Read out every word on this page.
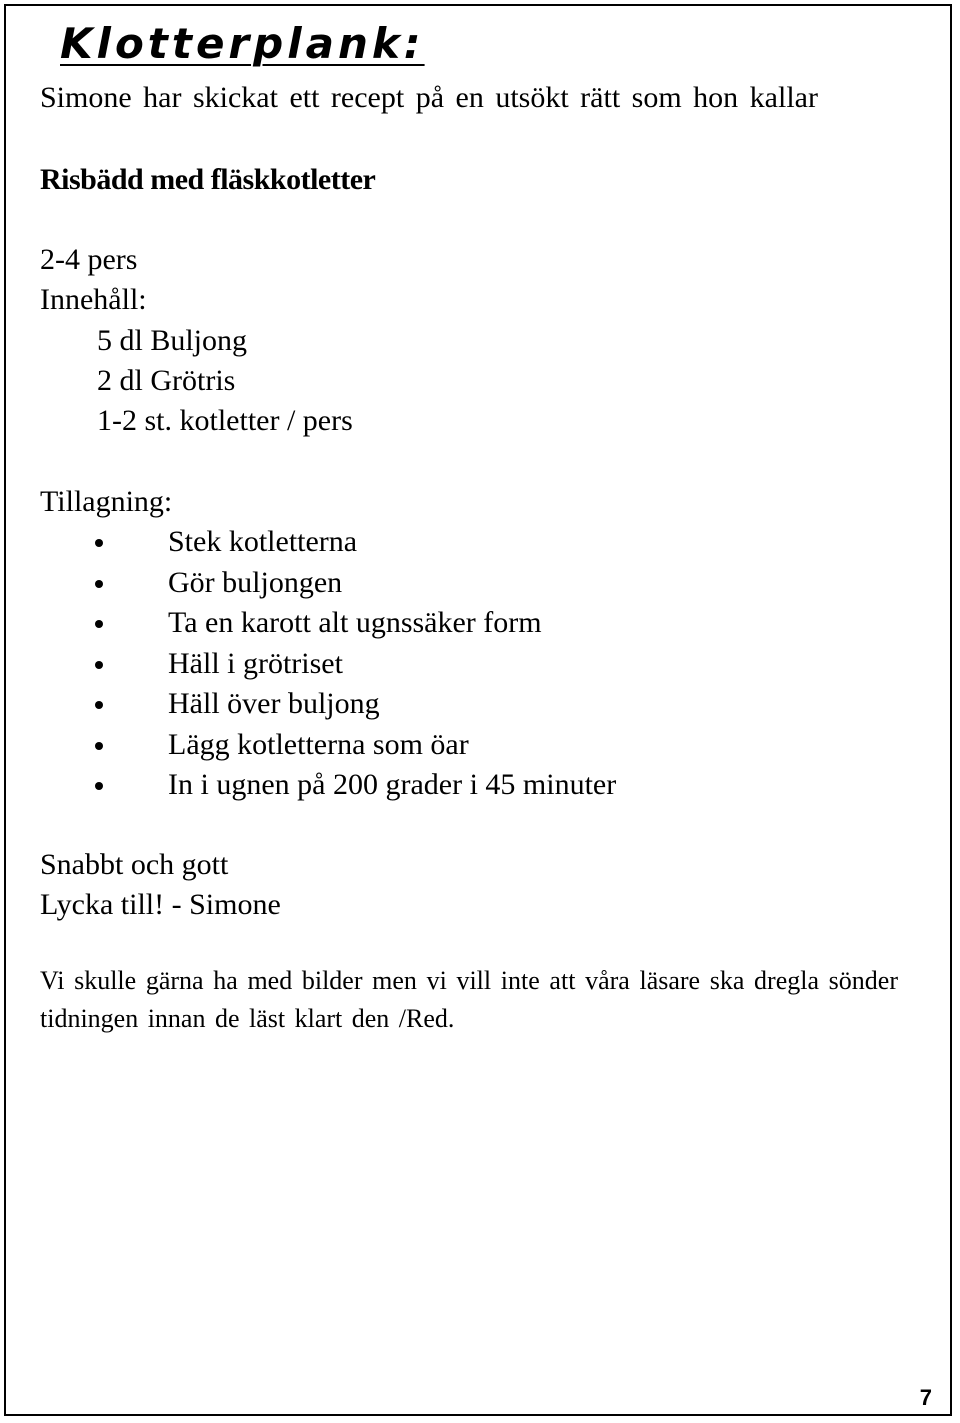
Klotterplank:
Simone har skickat ett recept på en utsökt rätt som hon kallar
Risbädd med fläskkotletter
2-4 pers
Innehåll:
5 dl Buljong
2 dl Grötris
1-2 st. kotletter / pers
Tillagning:
Stek kotletterna
Gör buljongen
Ta en karott alt ugnssäker form
Häll i grötriset
Häll över buljong
Lägg kotletterna som öar
In i ugnen på 200 grader i 45 minuter
Snabbt och gott
Lycka till! - Simone
Vi skulle gärna ha med bilder men vi vill inte att våra läsare ska dregla sönder tidningen innan de läst klart den /Red.
7
